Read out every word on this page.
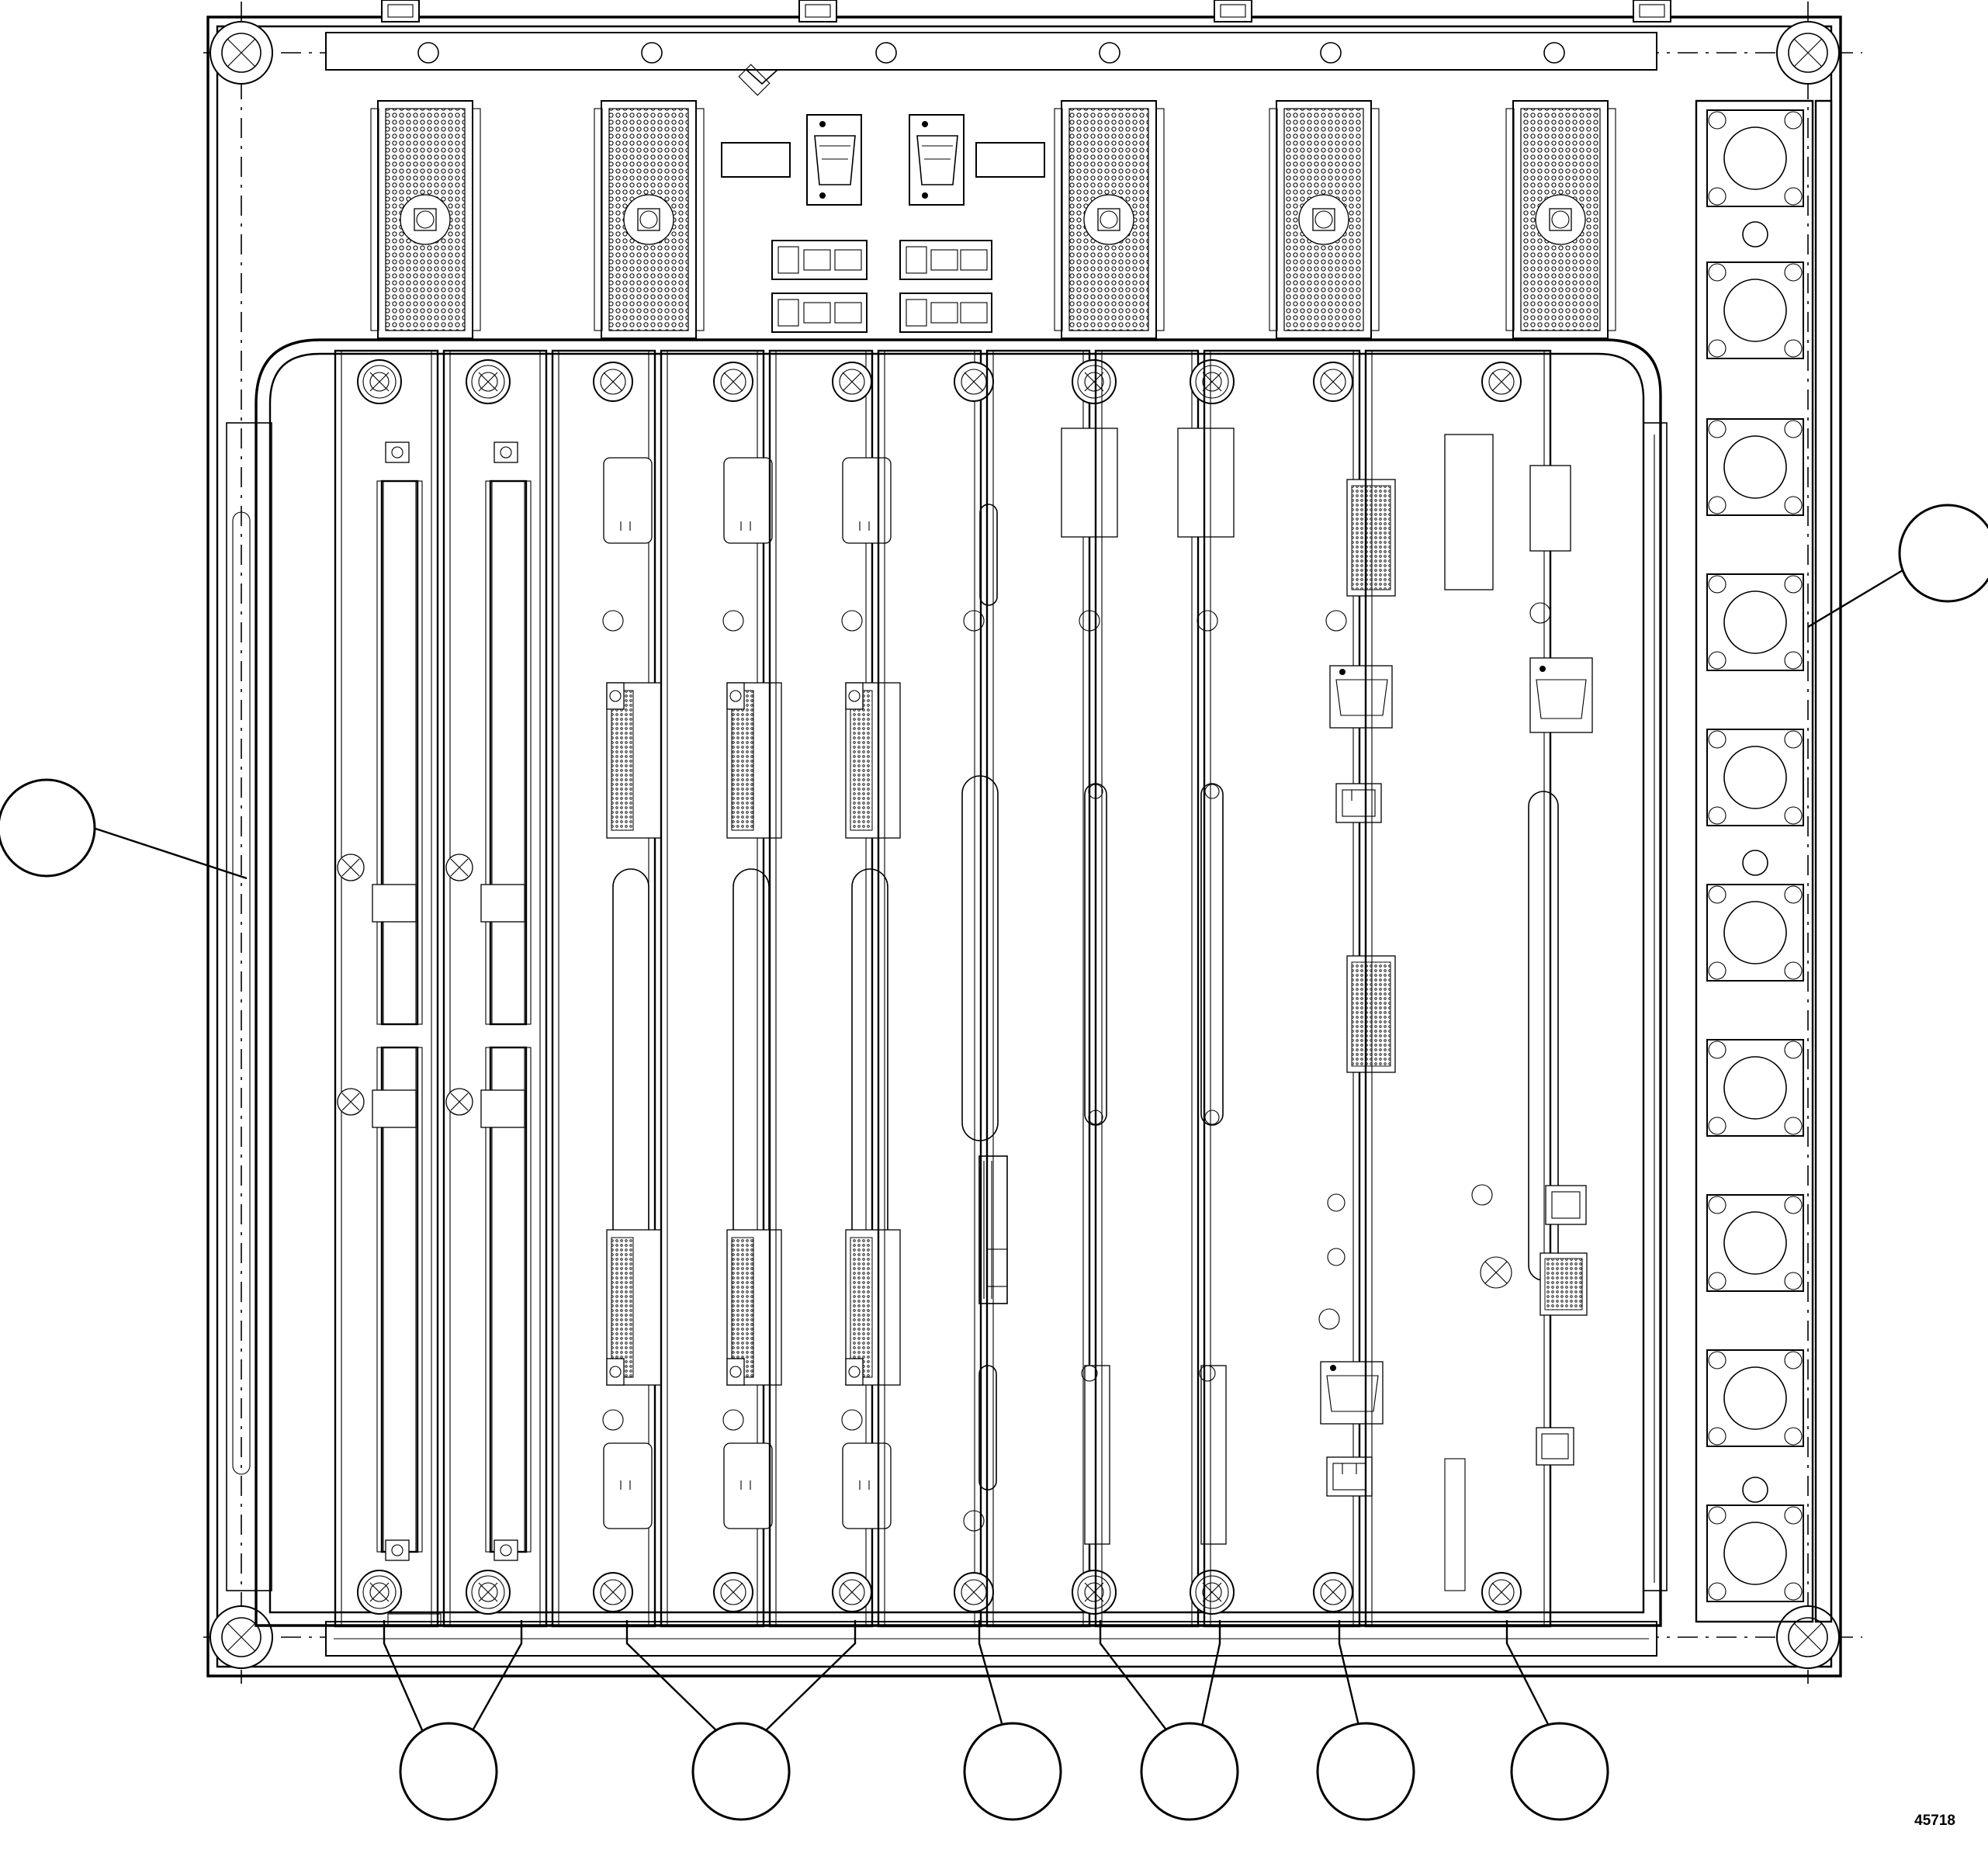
45718
